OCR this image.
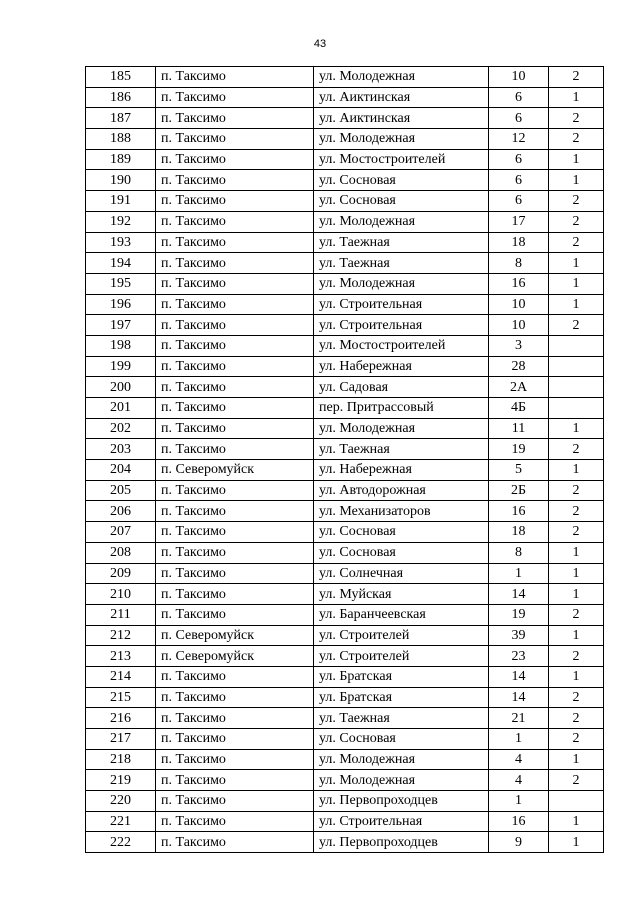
43
185	п. Таксимо	ул. Молодежная	10	2
186	п. Таксимо	ул. Аиктинская	6	1
187	п. Таксимо	ул. Аиктинская	6	2
188	п. Таксимо	ул. Молодежная	12	2
189	п. Таксимо	ул. Мостостроителей	6	1
190	п. Таксимо	ул. Сосновая	6	1
191	п. Таксимо	ул. Сосновая	6	2
192	п. Таксимо	ул. Молодежная	17	2
193	п. Таксимо	ул. Таежная	18	2
194	п. Таксимо	ул. Таежная	8	1
195	п. Таксимо	ул. Молодежная	16	1
196	п. Таксимо	ул. Строительная	10	1
197	п. Таксимо	ул. Строительная	10	2
198	п. Таксимо	ул. Мостостроителей	3	
199	п. Таксимо	ул. Набережная	28	
200	п. Таксимо	ул. Садовая	2А	
201	п. Таксимо	пер. Притрассовый	4Б	
202	п. Таксимо	ул. Молодежная	11	1
203	п. Таксимо	ул. Таежная	19	2
204	п. Северомуйск	ул. Набережная	5	1
205	п. Таксимо	ул. Автодорожная	2Б	2
206	п. Таксимо	ул. Механизаторов	16	2
207	п. Таксимо	ул. Сосновая	18	2
208	п. Таксимо	ул. Сосновая	8	1
209	п. Таксимо	ул. Солнечная	1	1
210	п. Таксимо	ул. Муйская	14	1
211	п. Таксимо	ул. Баранчеевская	19	2
212	п. Северомуйск	ул. Строителей	39	1
213	п. Северомуйск	ул. Строителей	23	2
214	п. Таксимо	ул. Братская	14	1
215	п. Таксимо	ул. Братская	14	2
216	п. Таксимо	ул. Таежная	21	2
217	п. Таксимо	ул. Сосновая	1	2
218	п. Таксимо	ул. Молодежная	4	1
219	п. Таксимо	ул. Молодежная	4	2
220	п. Таксимо	ул. Первопроходцев	1	
221	п. Таксимо	ул. Строительная	16	1
222	п. Таксимо	ул. Первопроходцев	9	1
